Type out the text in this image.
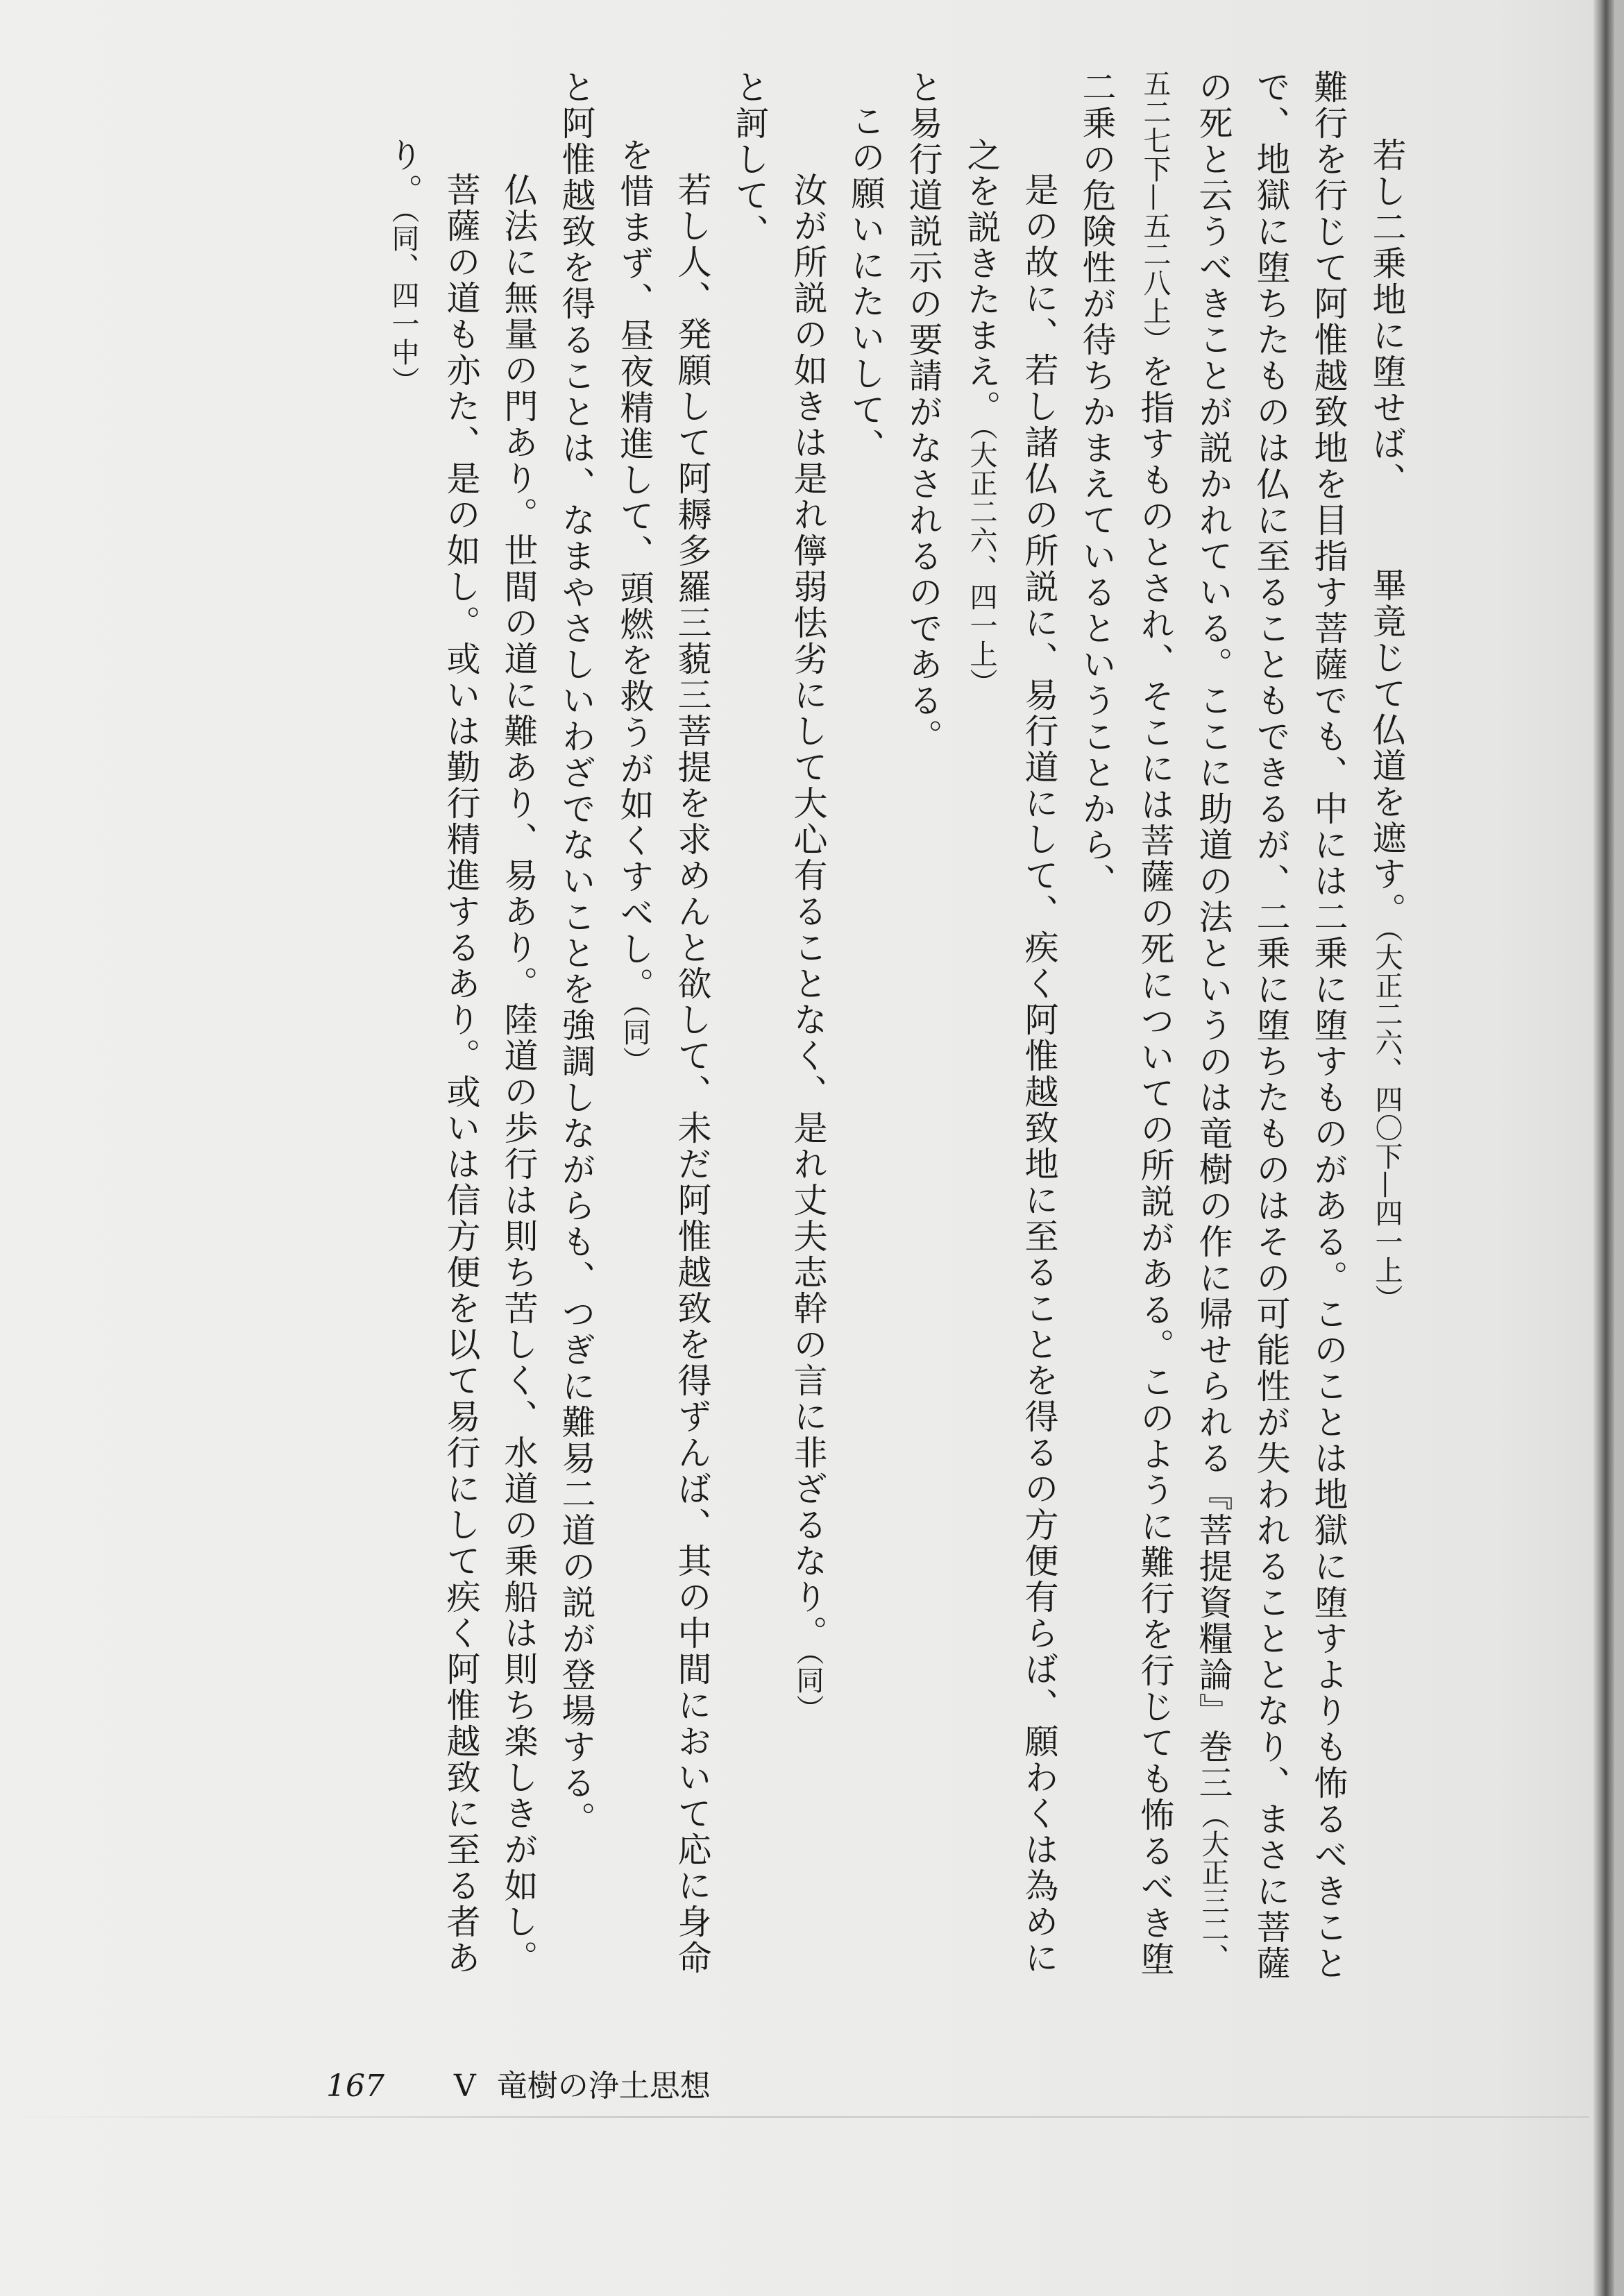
若し二乗地に堕せば、畢竟じて仏道を遮す。（大正二六、四〇下—四一上）

難行を行じて阿惟越致地を目指す菩薩でも、中には二乗に堕すものがある。このことは地獄に堕すよりも怖るべきことで、地獄に堕ちたものは仏に至ることもできるが、二乗に堕ちたものはその可能性が失われることとなり、まさに菩薩の死と云うべきことが説かれている。ここに助道の法というのは竜樹の作に帰せられる『菩提資糧論』巻三（大正三二、五二七下—五二八上）を指すものとされ、そこには菩薩の死についての所説がある。このように難行を行じても怖るべき堕二乗の危険性が待ちかまえているということから、

是の故に、若し諸仏の所説に、易行道にして、疾く阿惟越致地に至ることを得るの方便有らば、願わくは為めに之を説きたまえ。（大正二六、四一上）

と易行道説示の要請がなされるのである。

この願いにたいして、

汝が所説の如きは是れ儜弱怯劣にして大心有ることなく、是れ丈夫志幹の言に非ざるなり。（同）

と訶して、

若し人、発願して阿耨多羅三藐三菩提を求めんと欲して、未だ阿惟越致を得ずんば、其の中間において応に身命を惜まず、昼夜精進して、頭燃を救うが如くすべし。（同）

と阿惟越致を得ることは、なまやさしいわざでないことを強調しながらも、つぎに難易二道の説が登場する。

仏法に無量の門あり。世間の道に難あり、易あり。陸道の歩行は則ち苦しく、水道の乗船は則ち楽しきが如し。

菩薩の道も亦た、是の如し。或いは勤行精進するあり。或いは信方便を以て易行にして疾く阿惟越致に至る者あり。（同、四一中）

167 V 竜樹の浄土思想
